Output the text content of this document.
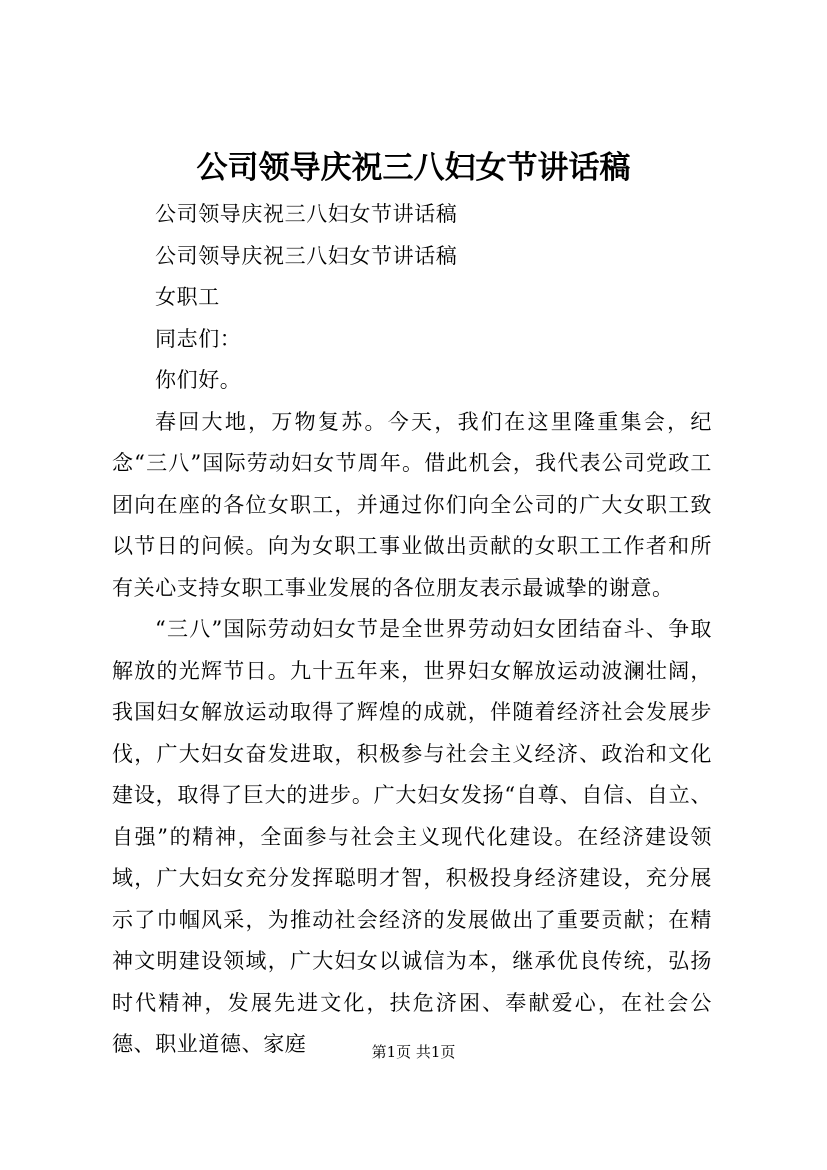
公司领导庆祝三八妇女节讲话稿

公司领导庆祝三八妇女节讲话稿

公司领导庆祝三八妇女节讲话稿

女职工

同志们：

你们好。

春回大地，万物复苏。今天，我们在这里隆重集会，纪念“三八”国际劳动妇女节周年。借此机会，我代表公司党政工团向在座的各位女职工，并通过你们向全公司的广大女职工致以节日的问候。向为女职工事业做出贡献的女职工工作者和所有关心支持女职工事业发展的各位朋友表示最诚挚的谢意。

“三八”国际劳动妇女节是全世界劳动妇女团结奋斗、争取解放的光辉节日。九十五年来，世界妇女解放运动波澜壮阔，我国妇女解放运动取得了辉煌的成就，伴随着经济社会发展步伐，广大妇女奋发进取，积极参与社会主义经济、政治和文化建设，取得了巨大的进步。广大妇女发扬“自尊、自信、自立、自强”的精神，全面参与社会主义现代化建设。在经济建设领域，广大妇女充分发挥聪明才智，积极投身经济建设，充分展示了巾帼风采，为推动社会经济的发展做出了重要贡献；在精神文明建设领域，广大妇女以诚信为本，继承优良传统，弘扬时代精神，发展先进文化，扶危济困、奉献爱心，在社会公德、职业道德、家庭	第1页 共1页
